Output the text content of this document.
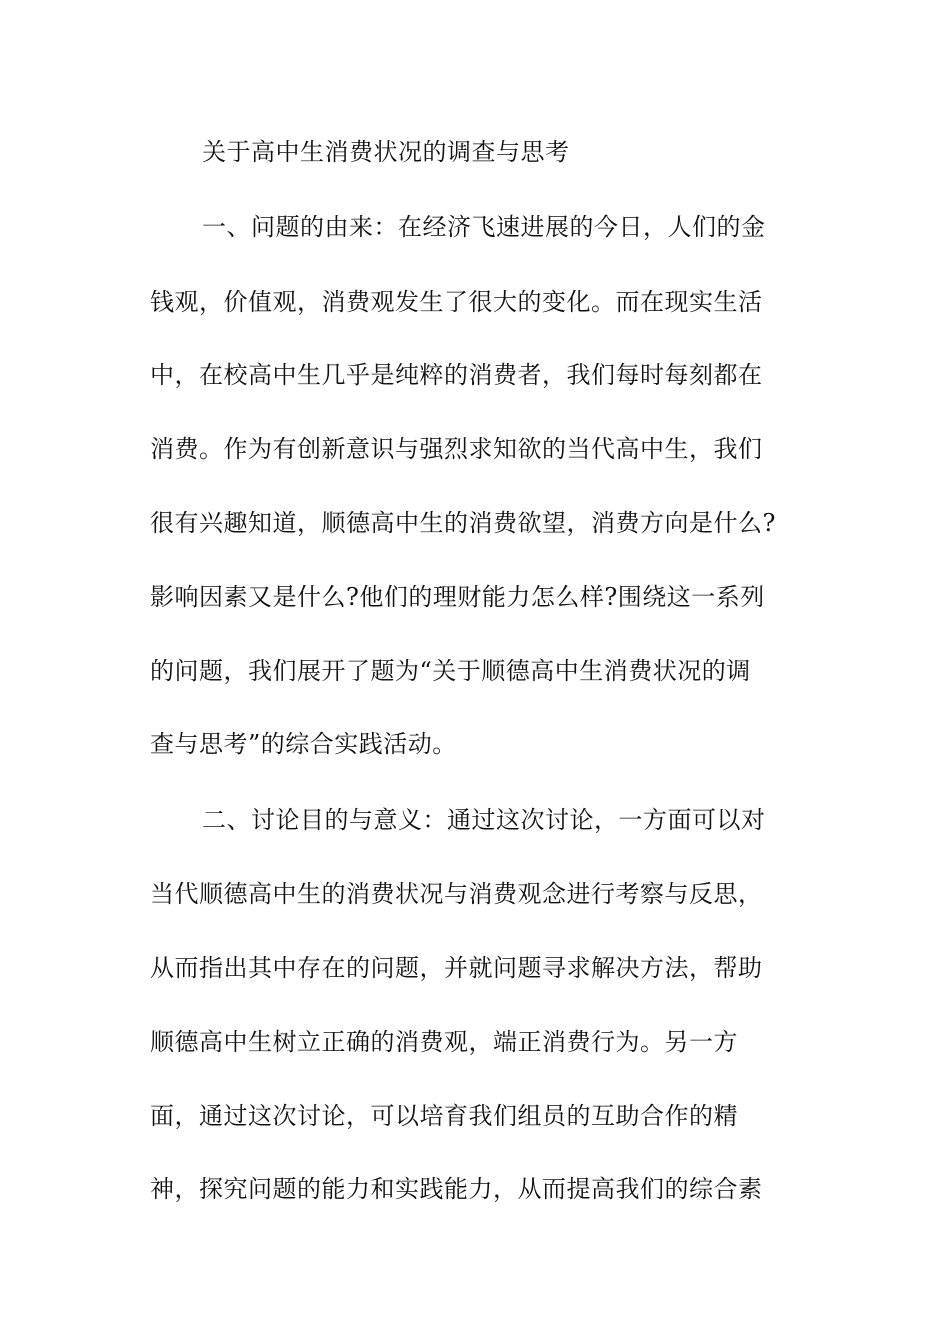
关于高中生消费状况的调查与思考
一、问题的由来：在经济飞速进展的今日，人们的金
钱观，价值观，消费观发生了很大的变化。而在现实生活
中，在校高中生几乎是纯粹的消费者，我们每时每刻都在
消费。作为有创新意识与强烈求知欲的当代高中生，我们
很有兴趣知道，顺德高中生的消费欲望，消费方向是什么?
影响因素又是什么?他们的理财能力怎么样?围绕这一系列
的问题，我们展开了题为“关于顺德高中生消费状况的调
查与思考”的综合实践活动。
二、讨论目的与意义：通过这次讨论，一方面可以对
当代顺德高中生的消费状况与消费观念进行考察与反思，
从而指出其中存在的问题，并就问题寻求解决方法，帮助
顺德高中生树立正确的消费观，端正消费行为。另一方
面，通过这次讨论，可以培育我们组员的互助合作的精
神，探究问题的能力和实践能力，从而提高我们的综合素
